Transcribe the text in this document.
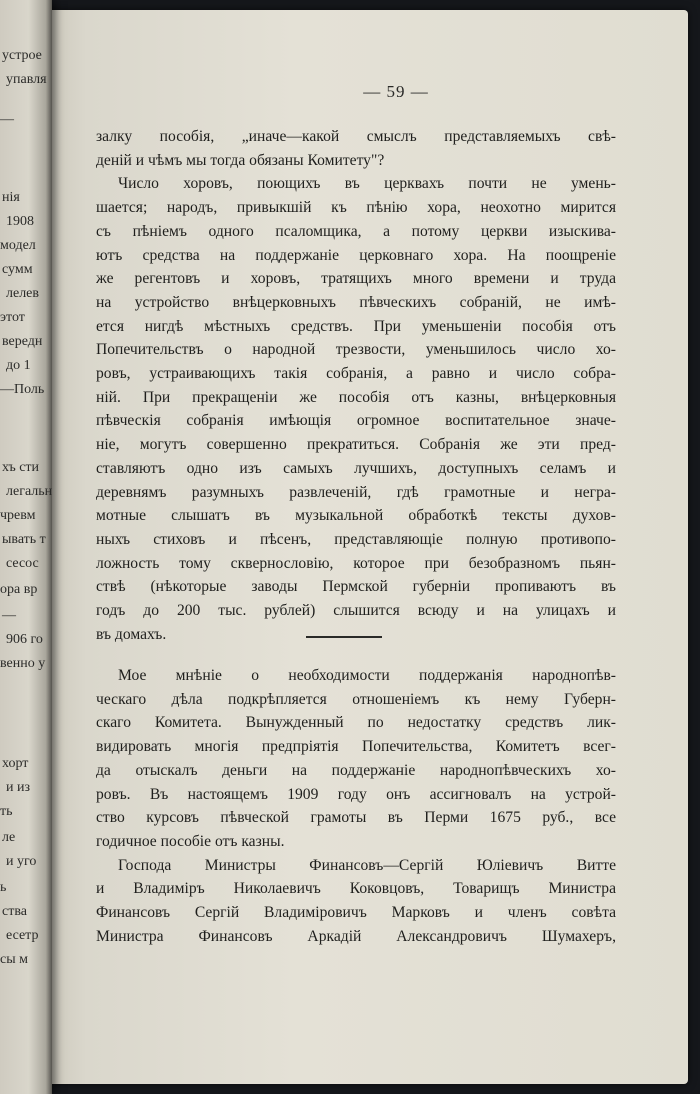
— 59 —
залку пособія, „иначе—какой смыслъ представляемыхъ свѣ-
деній и чѣмъ мы тогда обязаны Комитету"?
Число хоровъ, поющихъ въ церквахъ почти не умень-
шается; народъ, привыкшій къ пѣнію хора, неохотно мирится
съ пѣніемъ одного псаломщика, а потому церкви изыскива-
ютъ средства на поддержаніе церковнаго хора. На поощреніе
же регентовъ и хоровъ, тратящихъ много времени и труда
на устройство внѣцерковныхъ пѣвческихъ собраній, не имѣ-
ется нигдѣ мѣстныхъ средствъ. При уменьшеніи пособія отъ
Попечительствъ о народной трезвости, уменьшилось число хо-
ровъ, устраивающихъ такія собранія, а равно и число собра-
ній. При прекращеніи же пособія отъ казны, внѣцерковныя
пѣвческія собранія имѣющія огромное воспитательное значе-
ніе, могутъ совершенно прекратиться. Собранія же эти пред-
ставляютъ одно изъ самыхъ лучшихъ, доступныхъ селамъ и
деревнямъ разумныхъ развлеченій, гдѣ грамотные и негра-
мотные слышатъ въ музыкальной обработкѣ тексты духов-
ныхъ стиховъ и пѣсенъ, представляющіе полную противопо-
ложность тому сквернословію, которое при безобразномъ пьян-
ствѣ (нѣкоторые заводы Пермской губерніи пропиваютъ въ
годъ до 200 тыс. рублей) слышится всюду и на улицахъ и
въ домахъ.
Мое мнѣніе о необходимости поддержанія народнопѣв-
ческаго дѣла подкрѣпляется отношеніемъ къ нему Губерн-
скаго Комитета. Вынужденный по недостатку средствъ лик-
видировать многія предпріятія Попечительства, Комитетъ всег-
да отыскалъ деньги на поддержаніе народнопѣвческихъ хо-
ровъ. Въ настоящемъ 1909 году онъ ассигновалъ на устрой-
ство курсовъ пѣвческой грамоты въ Перми 1675 руб., все
годичное пособіе отъ казны.
Господа Министры Финансовъ—Сергій Юліевичъ Витте
и Владиміръ Николаевичъ Коковцовъ, Товарищъ Министра
Финансовъ Сергій Владиміровичъ Марковъ и членъ совѣта
Министра Финансовъ Аркадій Александровичъ Шумахеръ,
устрое
упавля
—
нія
1908
модел
сумм
лелев
этот
вередн
до 1
—Поль
хъ сти
легальн
чревм
ывать т
сесос
ора вр
—
906 го
венно у
хорт
и из
ть
ле
и уго
ь
ства
есетр
сы м
